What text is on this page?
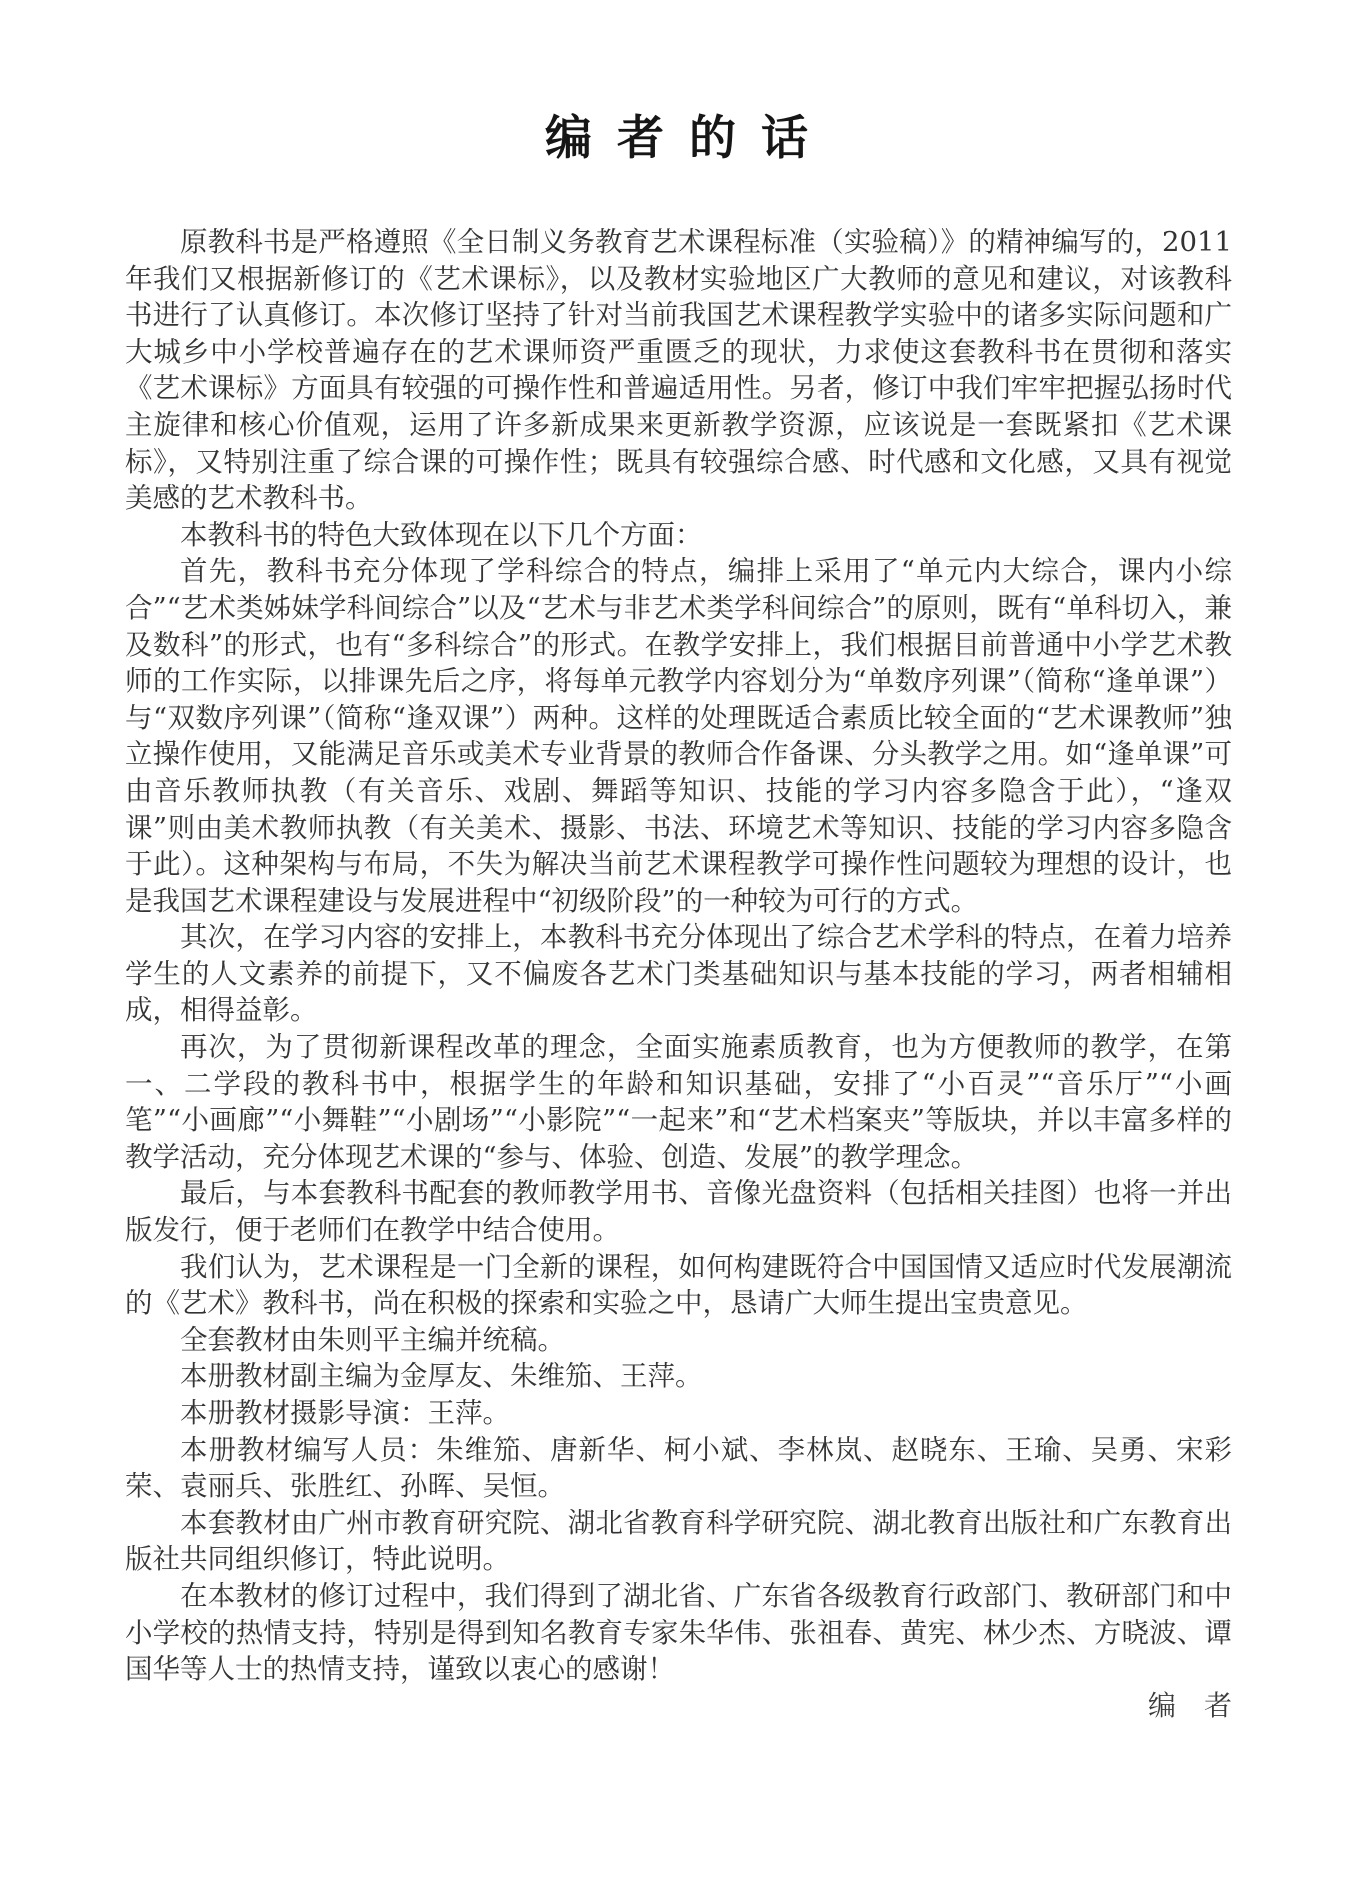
编者的话

原教科书是严格遵照《全日制义务教育艺术课程标准（实验稿）》的精神编写的，2011年我们又根据新修订的《艺术课标》，以及教材实验地区广大教师的意见和建议，对该教科书进行了认真修订。本次修订坚持了针对当前我国艺术课程教学实验中的诸多实际问题和广大城乡中小学校普遍存在的艺术课师资严重匮乏的现状，力求使这套教科书在贯彻和落实《艺术课标》方面具有较强的可操作性和普遍适用性。另者，修订中我们牢牢把握弘扬时代主旋律和核心价值观，运用了许多新成果来更新教学资源，应该说是一套既紧扣《艺术课标》，又特别注重了综合课的可操作性；既具有较强综合感、时代感和文化感，又具有视觉美感的艺术教科书。

本教科书的特色大致体现在以下几个方面：

首先，教科书充分体现了学科综合的特点，编排上采用了“单元内大综合，课内小综合”“艺术类姊妹学科间综合”以及“艺术与非艺术类学科间综合”的原则，既有“单科切入，兼及数科”的形式，也有“多科综合”的形式。在教学安排上，我们根据目前普通中小学艺术教师的工作实际，以排课先后之序，将每单元教学内容划分为“单数序列课”（简称“逢单课”）与“双数序列课”（简称“逢双课”）两种。这样的处理既适合素质比较全面的“艺术课教师”独立操作使用，又能满足音乐或美术专业背景的教师合作备课、分头教学之用。如“逢单课”可由音乐教师执教（有关音乐、戏剧、舞蹈等知识、技能的学习内容多隐含于此），“逢双课”则由美术教师执教（有关美术、摄影、书法、环境艺术等知识、技能的学习内容多隐含于此）。这种架构与布局，不失为解决当前艺术课程教学可操作性问题较为理想的设计，也是我国艺术课程建设与发展进程中“初级阶段”的一种较为可行的方式。

其次，在学习内容的安排上，本教科书充分体现出了综合艺术学科的特点，在着力培养学生的人文素养的前提下，又不偏废各艺术门类基础知识与基本技能的学习，两者相辅相成，相得益彰。

再次，为了贯彻新课程改革的理念，全面实施素质教育，也为方便教师的教学，在第一、二学段的教科书中，根据学生的年龄和知识基础，安排了“小百灵”“音乐厅”“小画笔”“小画廊”“小舞鞋”“小剧场”“小影院”“一起来”和“艺术档案夹”等版块，并以丰富多样的教学活动，充分体现艺术课的“参与、体验、创造、发展”的教学理念。

最后，与本套教科书配套的教师教学用书、音像光盘资料（包括相关挂图）也将一并出版发行，便于老师们在教学中结合使用。

我们认为，艺术课程是一门全新的课程，如何构建既符合中国国情又适应时代发展潮流的《艺术》教科书，尚在积极的探索和实验之中，恳请广大师生提出宝贵意见。

全套教材由朱则平主编并统稿。

本册教材副主编为金厚友、朱维笳、王萍。

本册教材摄影导演：王萍。

本册教材编写人员：朱维笳、唐新华、柯小斌、李林岚、赵晓东、王瑜、吴勇、宋彩荣、袁丽兵、张胜红、孙晖、吴恒。

本套教材由广州市教育研究院、湖北省教育科学研究院、湖北教育出版社和广东教育出版社共同组织修订，特此说明。

在本教材的修订过程中，我们得到了湖北省、广东省各级教育行政部门、教研部门和中小学校的热情支持，特别是得到知名教育专家朱华伟、张祖春、黄宪、林少杰、方晓波、谭国华等人士的热情支持，谨致以衷心的感谢！

编　者
